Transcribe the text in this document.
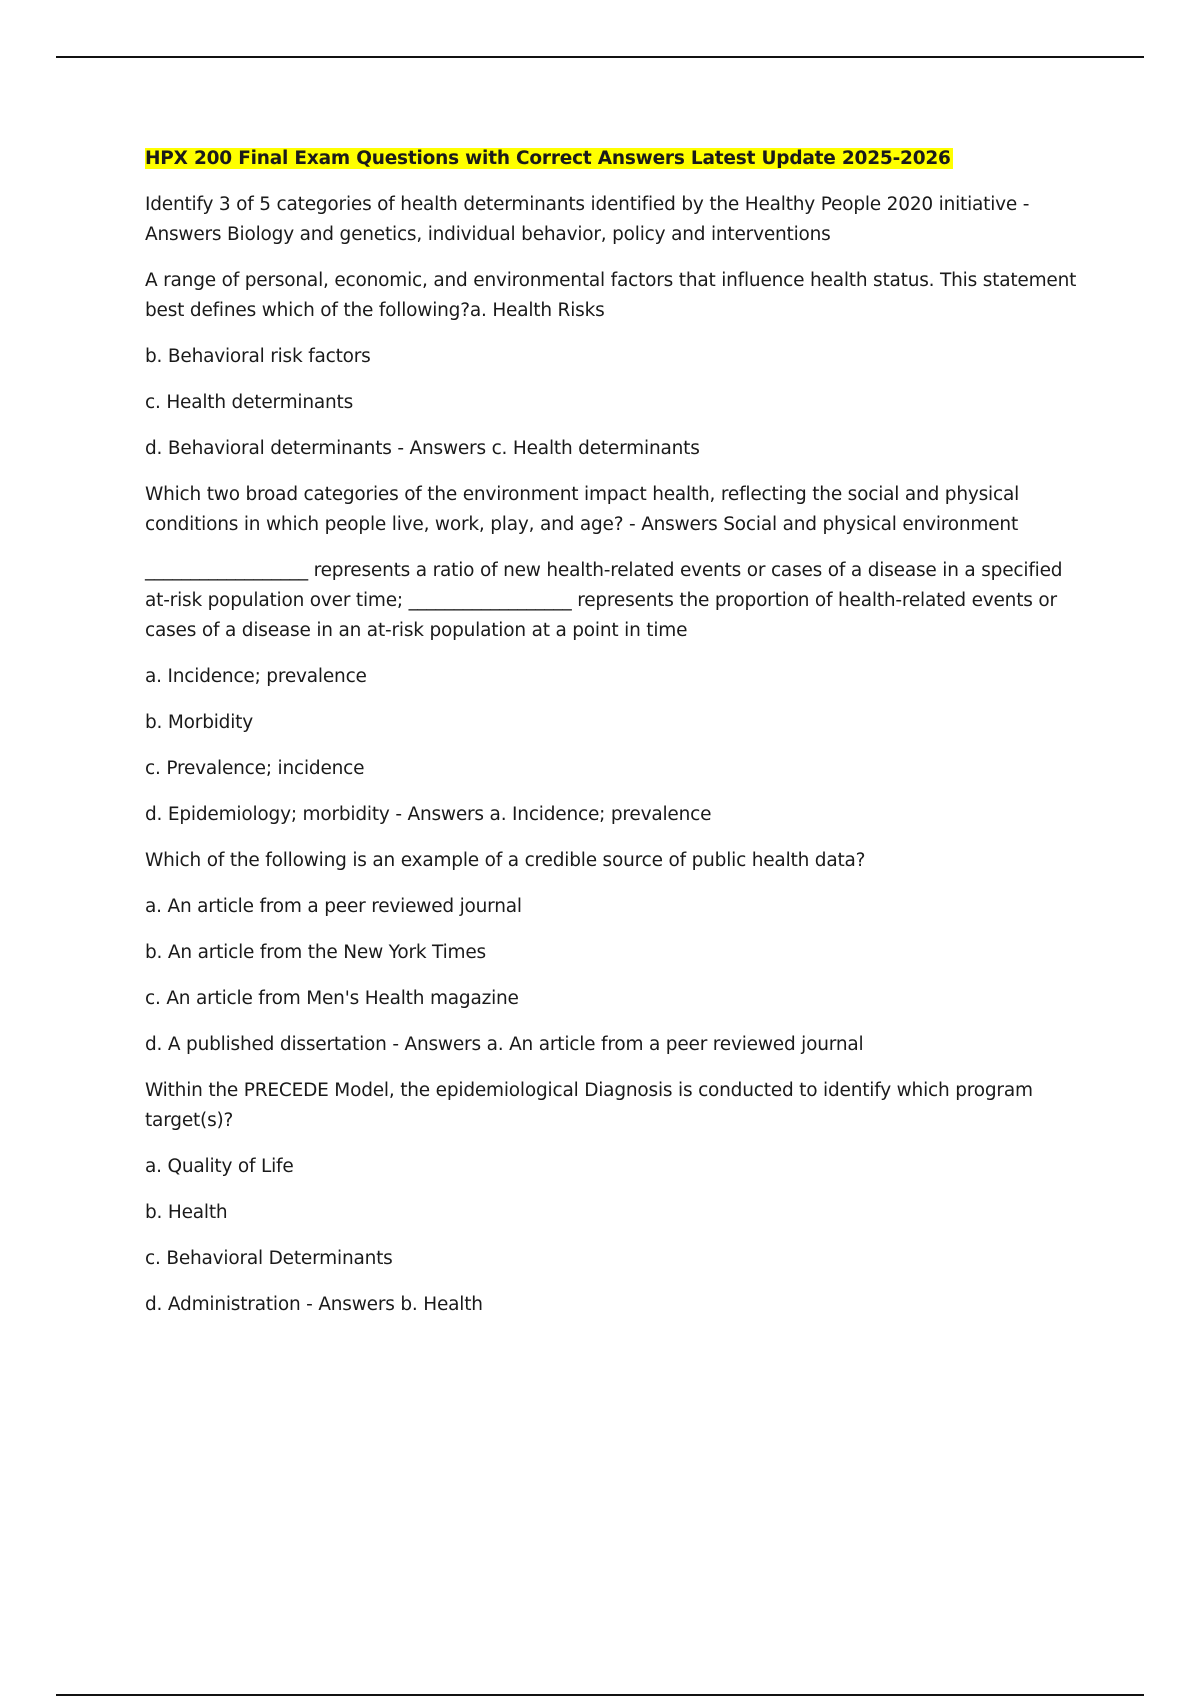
HPX 200 Final Exam Questions with Correct Answers Latest Update 2025-2026

Identify 3 of 5 categories of health determinants identified by the Healthy People 2020 initiative - Answers Biology and genetics, individual behavior, policy and interventions

A range of personal, economic, and environmental factors that influence health status. This statement best defines which of the following?a. Health Risks

b. Behavioral risk factors

c. Health determinants

d. Behavioral determinants - Answers c. Health determinants

Which two broad categories of the environment impact health, reflecting the social and physical conditions in which people live, work, play, and age? - Answers Social and physical environment

__________________ represents a ratio of new health-related events or cases of a disease in a specified at-risk population over time; __________________ represents the proportion of health-related events or cases of a disease in an at-risk population at a point in time

a. Incidence; prevalence

b. Morbidity

c. Prevalence; incidence

d. Epidemiology; morbidity - Answers a. Incidence; prevalence

Which of the following is an example of a credible source of public health data?

a. An article from a peer reviewed journal

b. An article from the New York Times

c. An article from Men's Health magazine

d. A published dissertation - Answers a. An article from a peer reviewed journal

Within the PRECEDE Model, the epidemiological Diagnosis is conducted to identify which program target(s)?

a. Quality of Life

b. Health

c. Behavioral Determinants

d. Administration - Answers b. Health
